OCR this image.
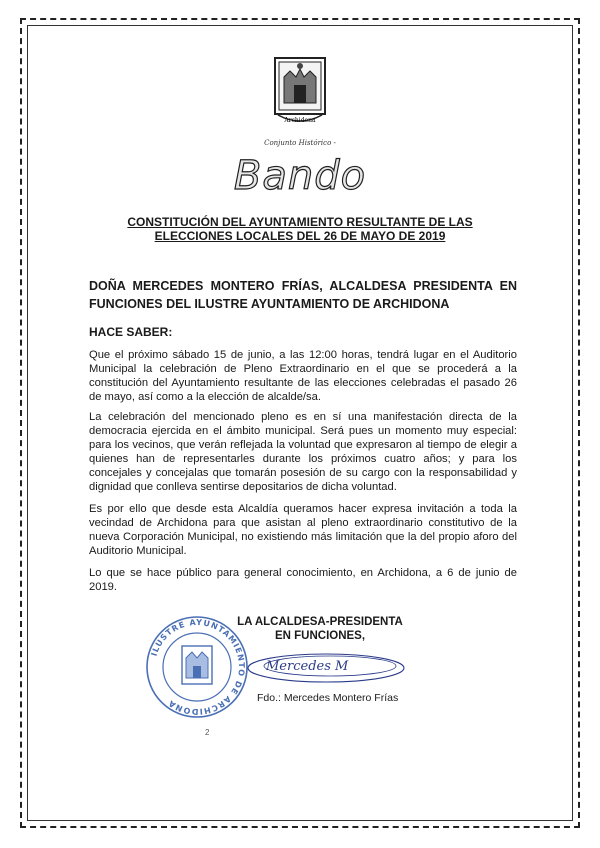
Archidona
Conjunto Histórico -
Bando
CONSTITUCIÓN DEL AYUNTAMIENTO RESULTANTE DE LAS
ELECCIONES LOCALES DEL 26 DE MAYO DE 2019
DOÑA MERCEDES MONTERO FRÍAS, ALCALDESA PRESIDENTA EN FUNCIONES DEL ILUSTRE AYUNTAMIENTO DE ARCHIDONA
HACE SABER:
Que el próximo sábado 15 de junio, a las 12:00 horas, tendrá lugar en el Auditorio Municipal la celebración de Pleno Extraordinario en el que se procederá a la constitución del Ayuntamiento resultante de las elecciones celebradas el pasado 26 de mayo, así como a la elección de alcalde/sa.
La celebración del mencionado pleno es en sí una manifestación directa de la democracia ejercida en el ámbito municipal. Será pues un momento muy especial: para los vecinos, que verán reflejada la voluntad que expresaron al tiempo de elegir a quienes han de representarles durante los próximos cuatro años; y para los concejales y concejalas que tomarán posesión de su cargo con la responsabilidad y dignidad que conlleva sentirse depositarios de dicha voluntad.
Es por ello que desde esta Alcaldía queramos hacer expresa invitación a toda la vecindad de Archidona para que asistan al pleno extraordinario constitutivo de la nueva Corporación Municipal, no existiendo más limitación que la del propio aforo del Auditorio Municipal.
Lo que se hace público para general conocimiento, en Archidona, a 6 de junio de 2019.
ILUSTRE AYUNTAMIENTO DE ARCHIDONA
LA ALCALDESA-PRESIDENTA
EN FUNCIONES,
Mercedes M
Fdo.: Mercedes Montero Frías
2
